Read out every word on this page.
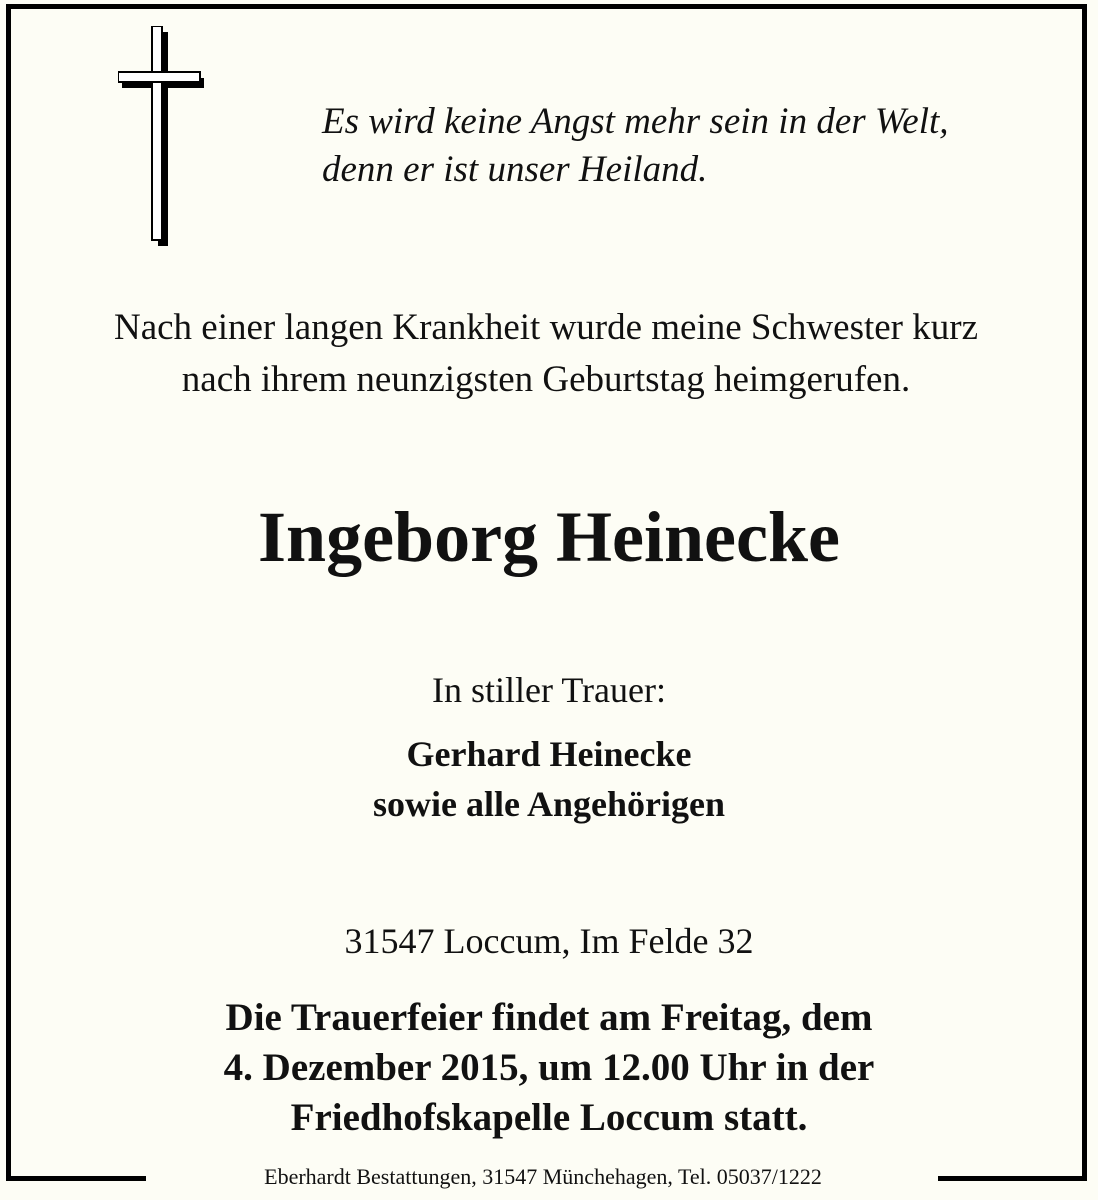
Es wird keine Angst mehr sein in der Welt,
denn er ist unser Heiland.
Nach einer langen Krankheit wurde meine Schwester kurz
nach ihrem neunzigsten Geburtstag heimgerufen.
Ingeborg Heinecke
In stiller Trauer:
Gerhard Heinecke
sowie alle Angehörigen
31547 Loccum, Im Felde 32
Die Trauerfeier findet am Freitag, dem
4. Dezember 2015, um 12.00 Uhr in der
Friedhofskapelle Loccum statt.
Eberhardt Bestattungen, 31547 Münchehagen, Tel. 05037/1222
